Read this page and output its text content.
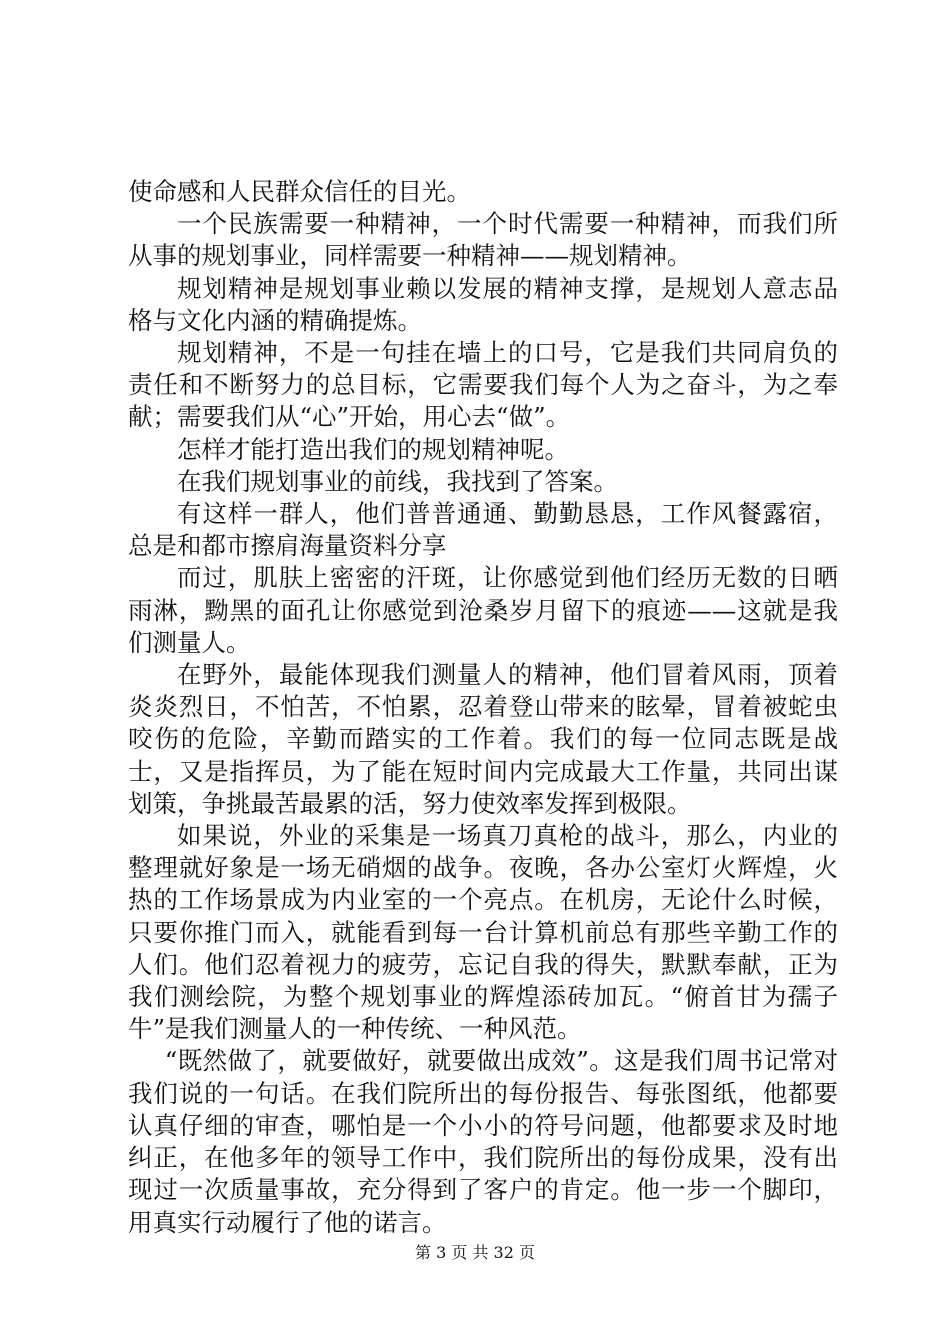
使命感和人民群众信任的目光。

一个民族需要一种精神，一个时代需要一种精神，而我们所从事的规划事业，同样需要一种精神——规划精神。

规划精神是规划事业赖以发展的精神支撑，是规划人意志品格与文化内涵的精确提炼。

规划精神，不是一句挂在墙上的口号，它是我们共同肩负的责任和不断努力的总目标，它需要我们每个人为之奋斗，为之奉献；需要我们从“心”开始，用心去“做”。

怎样才能打造出我们的规划精神呢。

在我们规划事业的前线，我找到了答案。

有这样一群人，他们普普通通、勤勤恳恳，工作风餐露宿，总是和都市擦肩海量资料分享

而过，肌肤上密密的汗斑，让你感觉到他们经历无数的日晒雨淋，黝黑的面孔让你感觉到沧桑岁月留下的痕迹——这就是我们测量人。

在野外，最能体现我们测量人的精神，他们冒着风雨，顶着炎炎烈日，不怕苦，不怕累，忍着登山带来的眩晕，冒着被蛇虫咬伤的危险，辛勤而踏实的工作着。我们的每一位同志既是战士，又是指挥员，为了能在短时间内完成最大工作量，共同出谋划策，争挑最苦最累的活，努力使效率发挥到极限。

如果说，外业的采集是一场真刀真枪的战斗，那么，内业的整理就好象是一场无硝烟的战争。夜晚，各办公室灯火辉煌，火热的工作场景成为内业室的一个亮点。在机房，无论什么时候，只要你推门而入，就能看到每一台计算机前总有那些辛勤工作的人们。他们忍着视力的疲劳，忘记自我的得失，默默奉献，正为我们测绘院，为整个规划事业的辉煌添砖加瓦。“俯首甘为孺子牛”是我们测量人的一种传统、一种风范。

“既然做了，就要做好，就要做出成效”。这是我们周书记常对我们说的一句话。在我们院所出的每份报告、每张图纸，他都要认真仔细的审查，哪怕是一个小小的符号问题，他都要求及时地纠正，在他多年的领导工作中，我们院所出的每份成果，没有出现过一次质量事故，充分得到了客户的肯定。他一步一个脚印，用真实行动履行了他的诺言。

第 3 页 共 32 页
